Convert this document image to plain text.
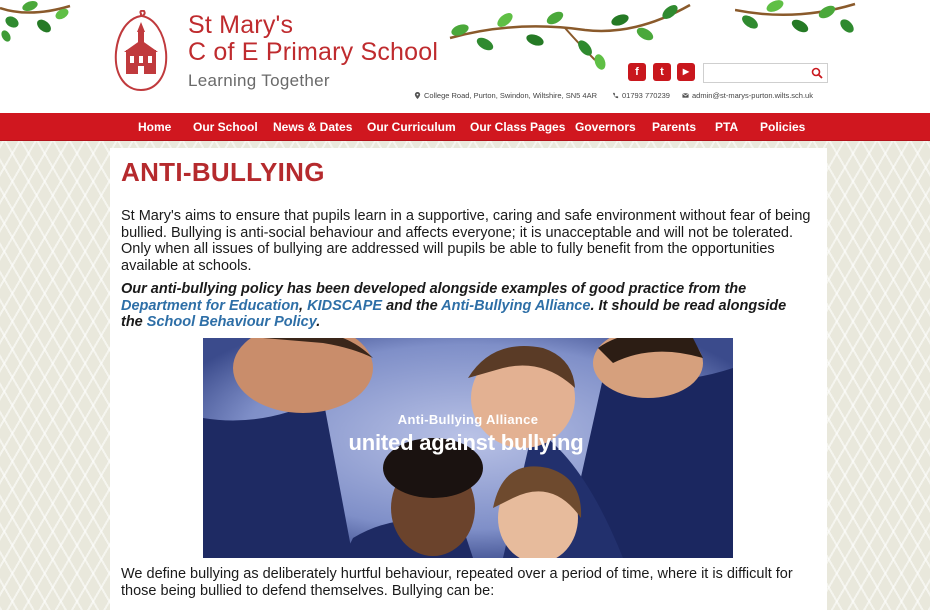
St Mary's
C of E Primary School
Learning Together	f	t	▶
College Road, Purton, Swindon, Wiltshire, SN5 4AR	01793 770239	admin@st-marys-purton.wilts.sch.uk
Home Our School News & Dates Our Curriculum Our Class Pages Governors Parents PTA Policies
ANTI-BULLYING

St Mary's aims to ensure that pupils learn in a supportive, caring and safe environment without fear of being bullied. Bullying is anti-social behaviour and affects everyone; it is unacceptable and will not be tolerated. Only when all issues of bullying are addressed will pupils be able to fully benefit from the opportunities available at schools.

Our anti-bullying policy has been developed alongside examples of good practice from the Department for Education, KIDSCAPE and the Anti-Bullying Alliance. It should be read alongside the School Behaviour Policy.

Anti-Bullying Alliance
united against bullying

We define bullying as deliberately hurtful behaviour, repeated over a period of time, where it is difficult for those being bullied to defend themselves. Bullying can be:
